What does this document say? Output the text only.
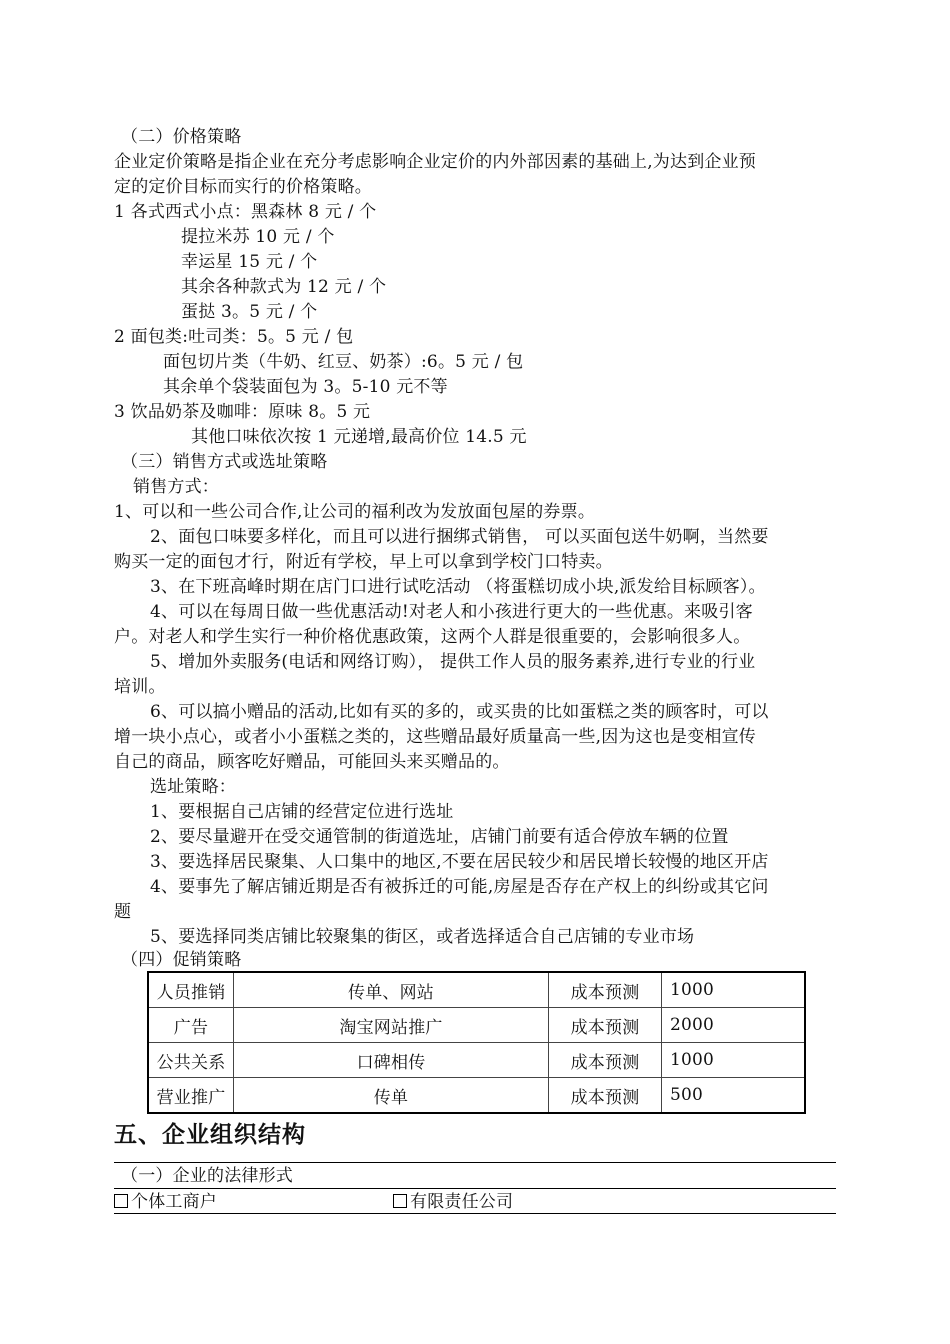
（二）价格策略
企业定价策略是指企业在充分考虑影响企业定价的内外部因素的基础上,为达到企业预
定的定价目标而实行的价格策略。
1 各式西式小点：黑森林 8 元 / 个
提拉米苏 10 元 / 个
幸运星 15 元 / 个
其余各种款式为 12 元 / 个
蛋挞 3。5 元 / 个
2 面包类:吐司类：5。5 元 / 包
面包切片类（牛奶、红豆、奶茶）:6。5 元 / 包
其余单个袋装面包为 3。5-10 元不等
3 饮品奶茶及咖啡：原味 8。5 元
其他口味依次按 1 元递增,最高价位 14.5 元
（三）销售方式或选址策略
销售方式：
1、可以和一些公司合作,让公司的福利改为发放面包屋的券票。
2、面包口味要多样化，而且可以进行捆绑式销售， 可以买面包送牛奶啊，当然要
购买一定的面包才行，附近有学校，早上可以拿到学校门口特卖。
3、在下班高峰时期在店门口进行试吃活动 （将蛋糕切成小块,派发给目标顾客）。
4、可以在每周日做一些优惠活动!对老人和小孩进行更大的一些优惠。来吸引客
户。对老人和学生实行一种价格优惠政策，这两个人群是很重要的，会影响很多人。
5、增加外卖服务(电话和网络订购）， 提供工作人员的服务素养,进行专业的行业
培训。
6、可以搞小赠品的活动,比如有买的多的，或买贵的比如蛋糕之类的顾客时，可以
增一块小点心，或者小小蛋糕之类的，这些赠品最好质量高一些,因为这也是变相宣传
自己的商品，顾客吃好赠品，可能回头来买赠品的。
选址策略：
1、要根据自己店铺的经营定位进行选址
2、要尽量避开在受交通管制的街道选址，店铺门前要有适合停放车辆的位置
3、要选择居民聚集、人口集中的地区,不要在居民较少和居民增长较慢的地区开店
4、要事先了解店铺近期是否有被拆迁的可能,房屋是否存在产权上的纠纷或其它问
题
5、要选择同类店铺比较聚集的街区，或者选择适合自己店铺的专业市场
（四）促销策略
人员推销	传单、网站	成本预测	1000
广告	淘宝网站推广	成本预测	2000
公共关系	口碑相传	成本预测	1000
营业推广	传单	成本预测	500
五、企业组织结构
（一）企业的法律形式
个体工商户	有限责任公司
